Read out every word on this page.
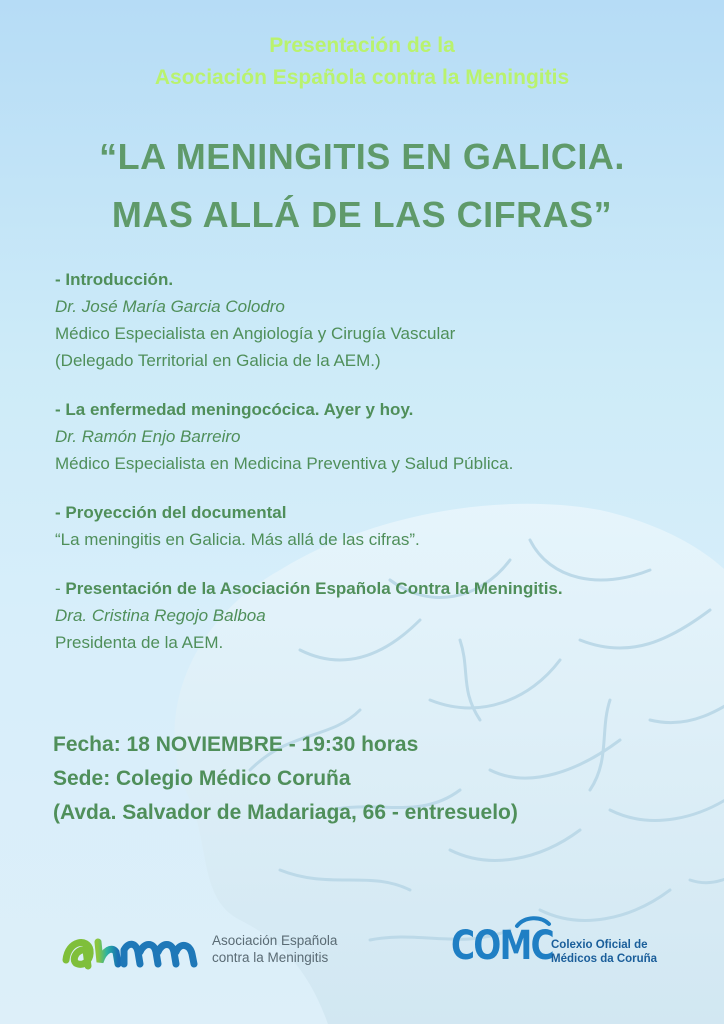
Presentación de la
Asociación Española contra la Meningitis
“LA MENINGITIS EN GALICIA.
MAS ALLÁ DE LAS CIFRAS”
- Introducción.
Dr. José María Garcia Colodro
Médico Especialista en Angiología y Cirugía Vascular
(Delegado Territorial en Galicia de la AEM.)
- La enfermedad meningocócica. Ayer y hoy.
Dr. Ramón Enjo Barreiro
Médico Especialista en Medicina Preventiva y Salud Pública.
- Proyección del documental
“La meningitis en Galicia. Más allá de las cifras”.
- Presentación de la Asociación Española Contra la Meningitis.
Dra. Cristina Regojo Balboa
Presidenta de la AEM.
Fecha: 18 NOVIEMBRE - 19:30 horas
Sede: Colegio Médico Coruña
(Avda. Salvador de Madariaga, 66 - entresuelo)
Asociación Española
contra la Meningitis	COMC
Colexio Oficial de
Médicos da Coruña
